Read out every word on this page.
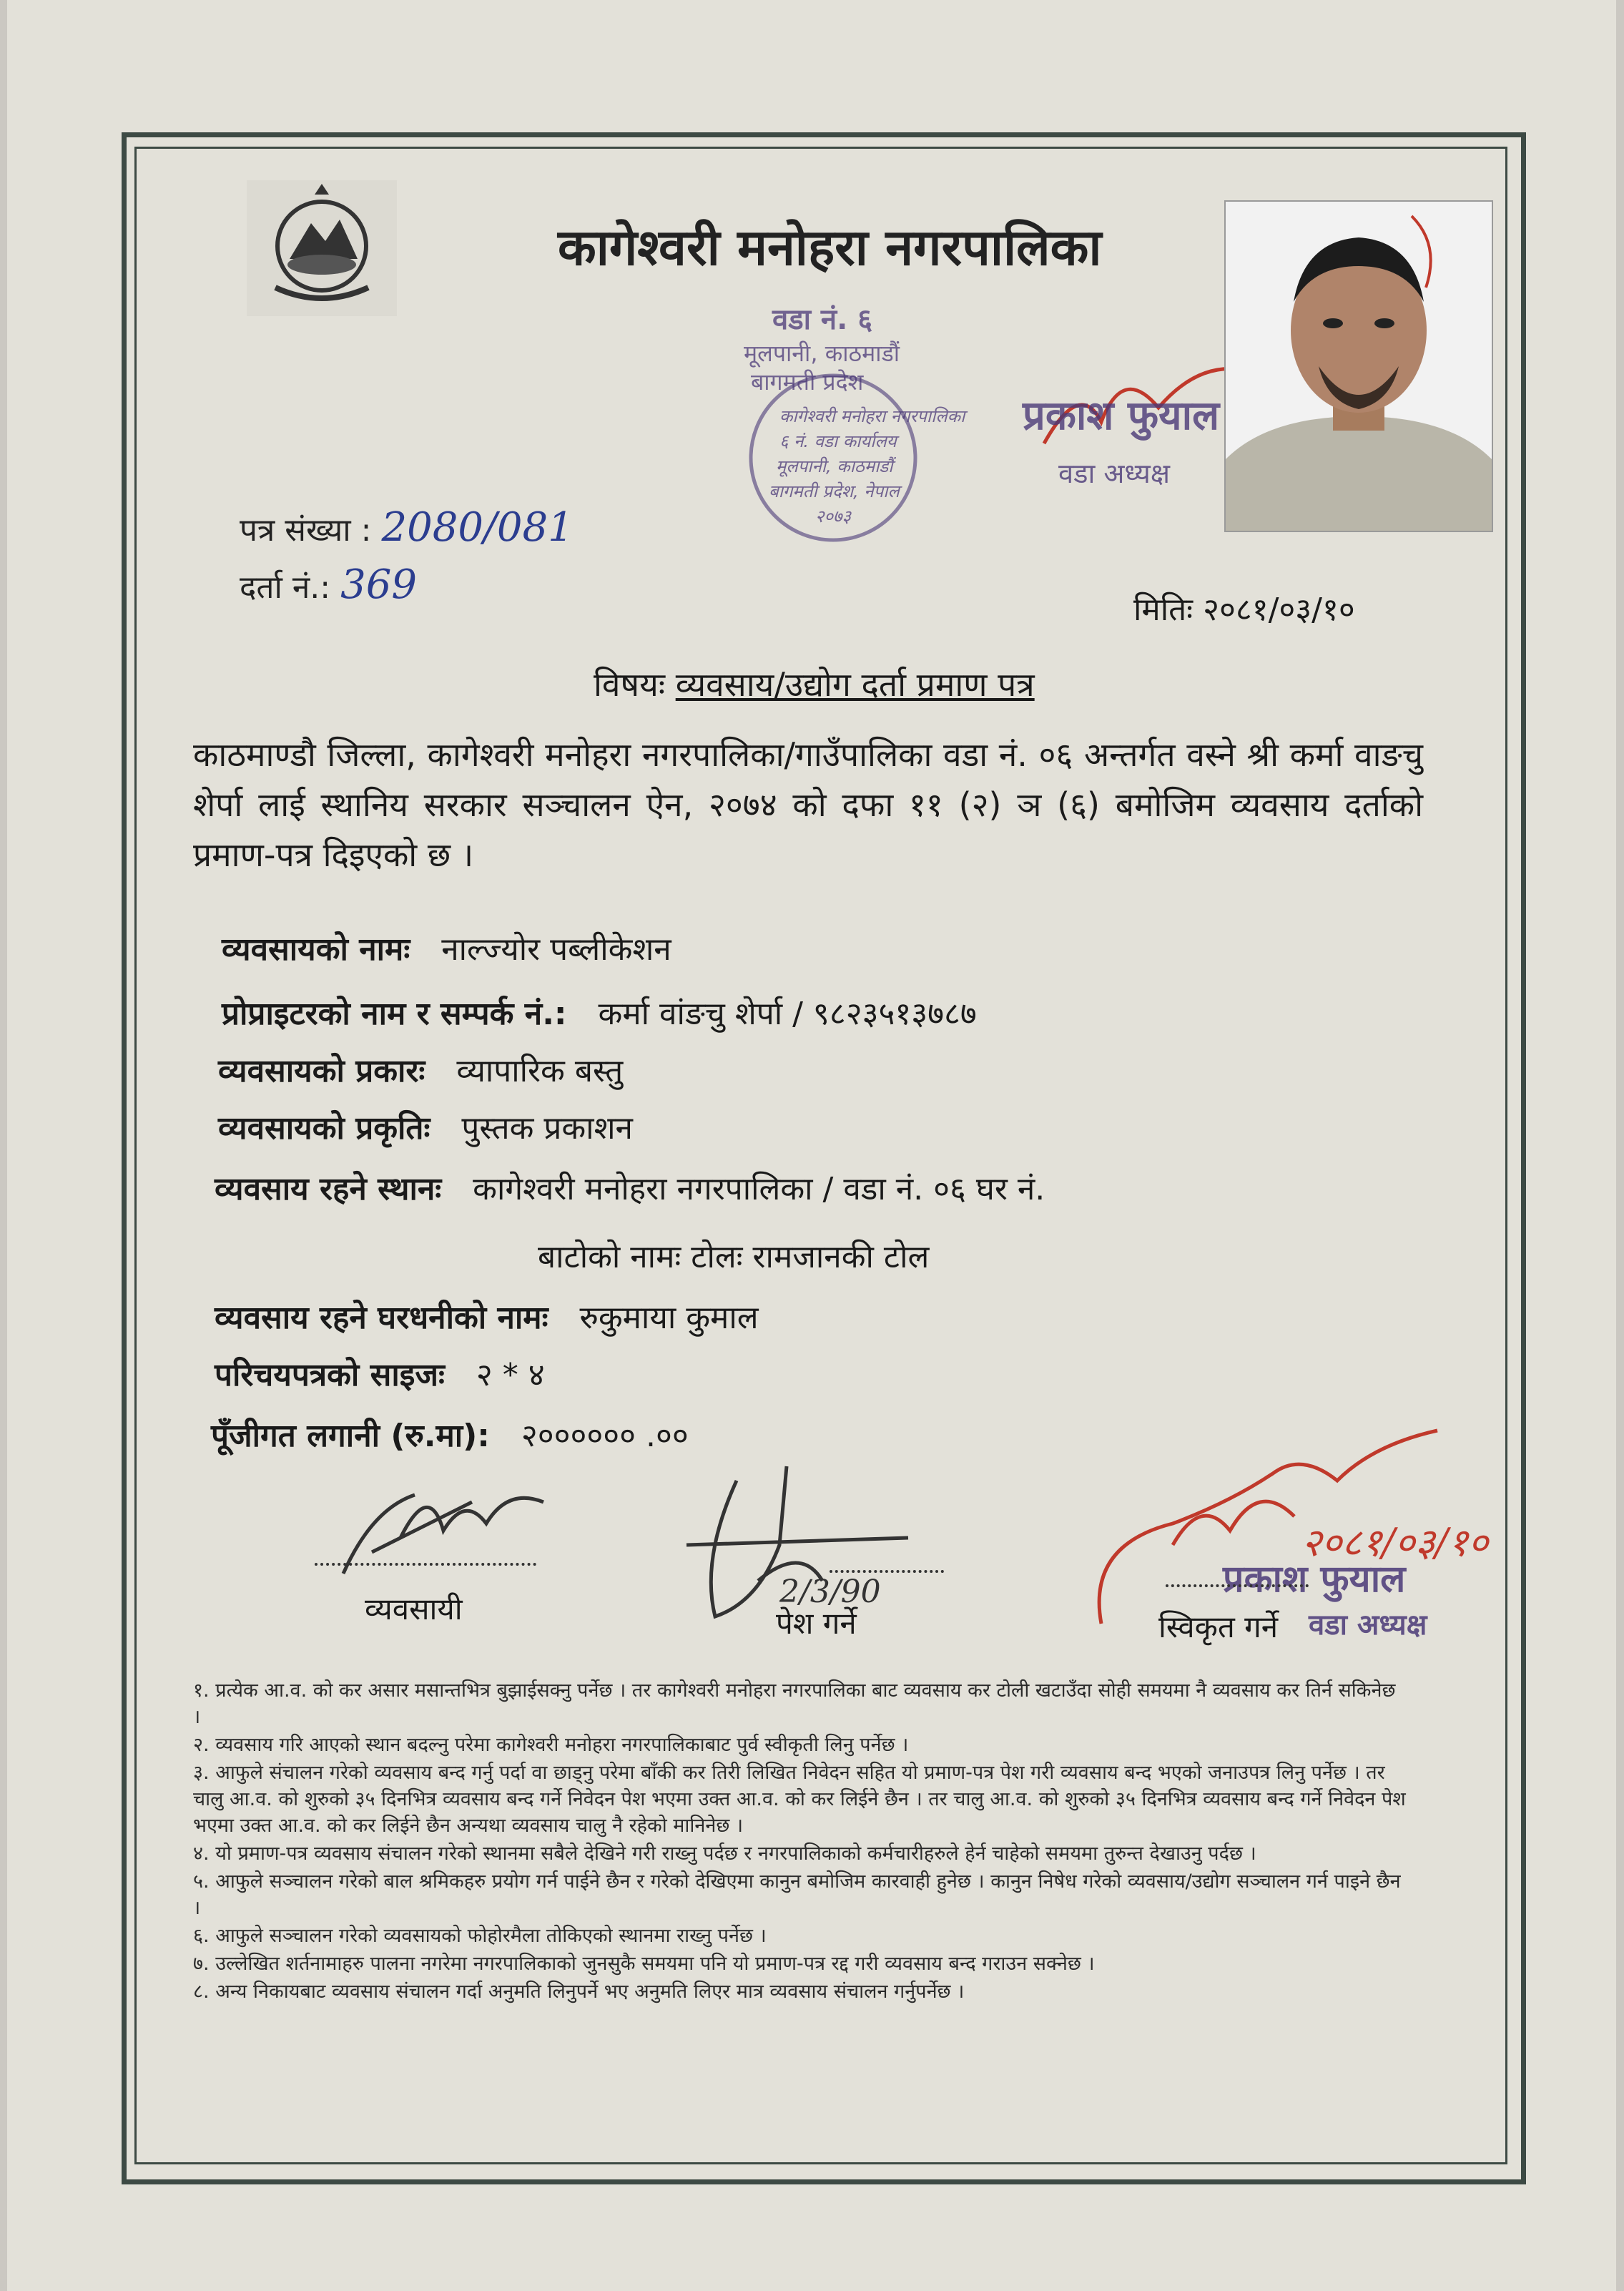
कागेश्वरी मनोहरा नगरपालिका
वडा नं. ६
मूलपानी, काठमाडौं
बागमती प्रदेश
कागेश्वरी मनोहरा नगरपालिका
६ नं. वडा कार्यालय
मूलपानी, काठमाडौं
बागमती प्रदेश, नेपाल
२०७३
प्रकाश फुयाल
वडा अध्यक्ष
पत्र संख्या : 2080/081
दर्ता नं.: 369
मितिः २०८१/०३/१०
विषयः व्यवसाय/उद्योग दर्ता प्रमाण पत्र
काठमाण्डौ जिल्ला, कागेश्वरी मनोहरा नगरपालिका/गाउँपालिका वडा नं. ०६ अन्तर्गत वस्ने श्री कर्मा वाङचु शेर्पा लाई स्थानिय सरकार सञ्चालन ऐन, २०७४ को दफा ११ (२) ञ (६) बमोजिम व्यवसाय दर्ताको प्रमाण-पत्र दिइएको छ ।
व्यवसायको नामः नाल्ज्योर पब्लीकेशन
प्रोप्राइटरको नाम र सम्पर्क नं.: कर्मा वांङचु शेर्पा / ९८२३५१३७८७
व्यवसायको प्रकारः व्यापारिक बस्तु
व्यवसायको प्रकृतिः पुस्तक प्रकाशन
व्यवसाय रहने स्थानः कागेश्वरी मनोहरा नगरपालिका / वडा नं. ०६ घर नं.
बाटोको नामः टोलः रामजानकी टोल
व्यवसाय रहने घरधनीको नामः रुकुमाया कुमाल
परिचयपत्रको साइजः २ * ४
पूँजीगत लगानी (रु.मा): २०००००० .००
व्यवसायी	2/3/90
पेश गर्ने
२०८१/०३/१०
प्रकाश फुयाल
वडा अध्यक्ष
स्विकृत गर्ने

१. प्रत्येक आ.व. को कर असार मसान्तभित्र बुझाईसक्नु पर्नेछ । तर कागेश्वरी मनोहरा नगरपालिका बाट व्यवसाय कर टोली खटाउँदा सोही समयमा नै व्यवसाय कर तिर्न सकिनेछ ।

२. व्यवसाय गरि आएको स्थान बदल्नु परेमा कागेश्वरी मनोहरा नगरपालिकाबाट पुर्व स्वीकृती लिनु पर्नेछ ।

३. आफुले संचालन गरेको व्यवसाय बन्द गर्नु पर्दा वा छाड्नु परेमा बाँकी कर तिरी लिखित निवेदन सहित यो प्रमाण-पत्र पेश गरी व्यवसाय बन्द भएको जनाउपत्र लिनु पर्नेछ । तर चालु आ.व. को शुरुको ३५ दिनभित्र व्यवसाय बन्द गर्ने निवेदन पेश भएमा उक्त आ.व. को कर लिईने छैन । तर चालु आ.व. को शुरुको ३५ दिनभित्र व्यवसाय बन्द गर्ने निवेदन पेश भएमा उक्त आ.व. को कर लिईने छैन अन्यथा व्यवसाय चालु नै रहेको मानिनेछ ।

४. यो प्रमाण-पत्र व्यवसाय संचालन गरेको स्थानमा सबैले देखिने गरी राख्नु पर्दछ र नगरपालिकाको कर्मचारीहरुले हेर्न चाहेको समयमा तुरुन्त देखाउनु पर्दछ ।

५. आफुले सञ्चालन गरेको बाल श्रमिकहरु प्रयोग गर्न पाईने छैन र गरेको देखिएमा कानुन बमोजिम कारवाही हुनेछ । कानुन निषेध गरेको व्यवसाय/उद्योग सञ्चालन गर्न पाइने छैन ।

६. आफुले सञ्चालन गरेको व्यवसायको फोहोरमैला तोकिएको स्थानमा राख्नु पर्नेछ ।

७. उल्लेखित शर्तनामाहरु पालना नगरेमा नगरपालिकाको जुनसुकै समयमा पनि यो प्रमाण-पत्र रद्द गरी व्यवसाय बन्द गराउन सक्नेछ ।

८. अन्य निकायबाट व्यवसाय संचालन गर्दा अनुमति लिनुपर्ने भए अनुमति लिएर मात्र व्यवसाय संचालन गर्नुपर्नेछ ।
